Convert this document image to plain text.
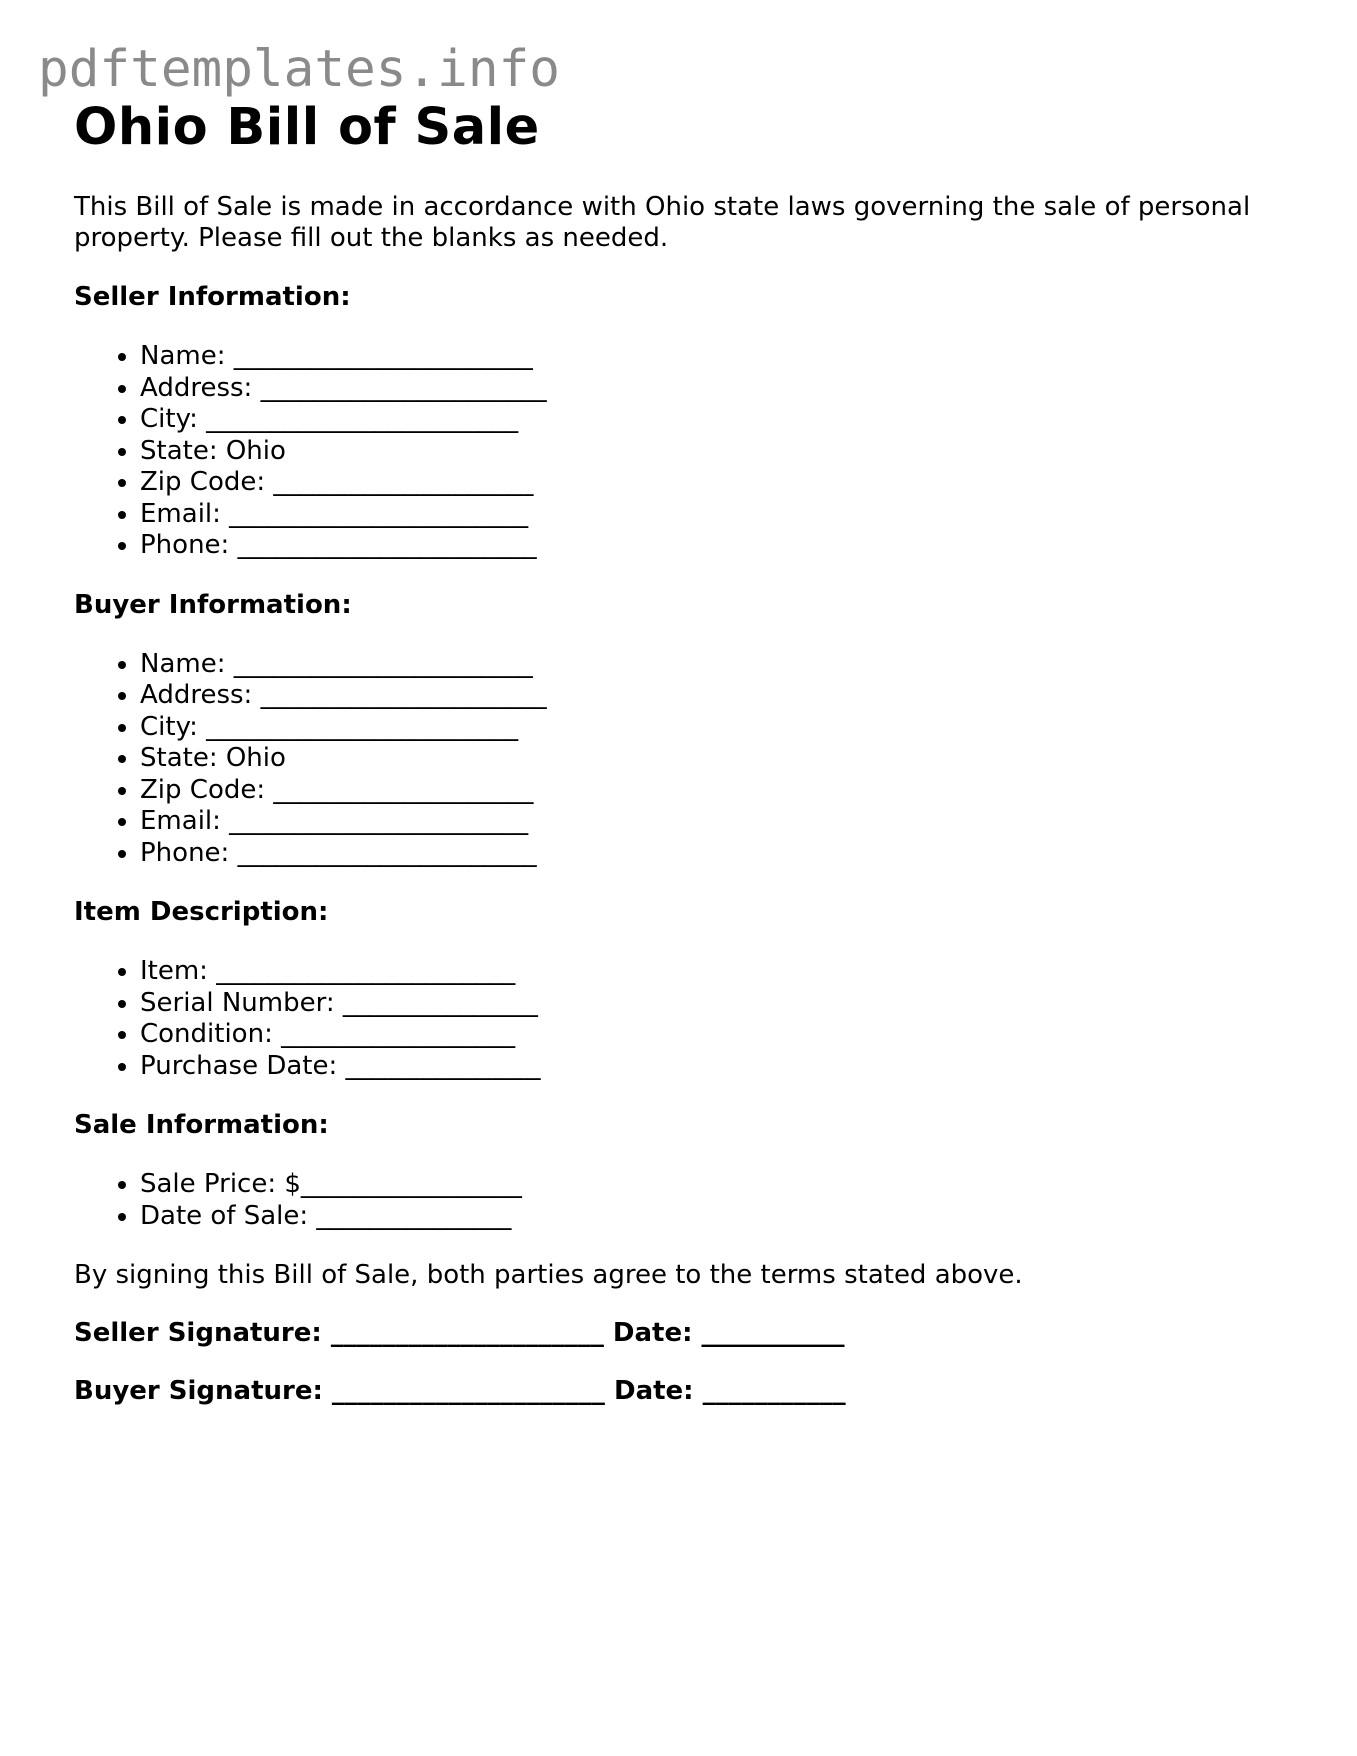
pdftemplates.info
Ohio Bill of Sale

This Bill of Sale is made in accordance with Ohio state laws governing the sale of personal property. Please fill out the blanks as needed.

Seller Information:

• Name: _______________________
• Address: ______________________
• City: ________________________
• State: Ohio
• Zip Code: ____________________
• Email: _______________________
• Phone: _______________________

Buyer Information:

• Name: _______________________
• Address: ______________________
• City: ________________________
• State: Ohio
• Zip Code: ____________________
• Email: _______________________
• Phone: _______________________

Item Description:

• Item: _______________________
• Serial Number: _______________
• Condition: __________________
• Purchase Date: _______________

Sale Information:

• Sale Price: $_________________
• Date of Sale: _______________

By signing this Bill of Sale, both parties agree to the terms stated above.

Seller Signature: _____________________ Date: ___________

Buyer Signature: _____________________ Date: ___________
